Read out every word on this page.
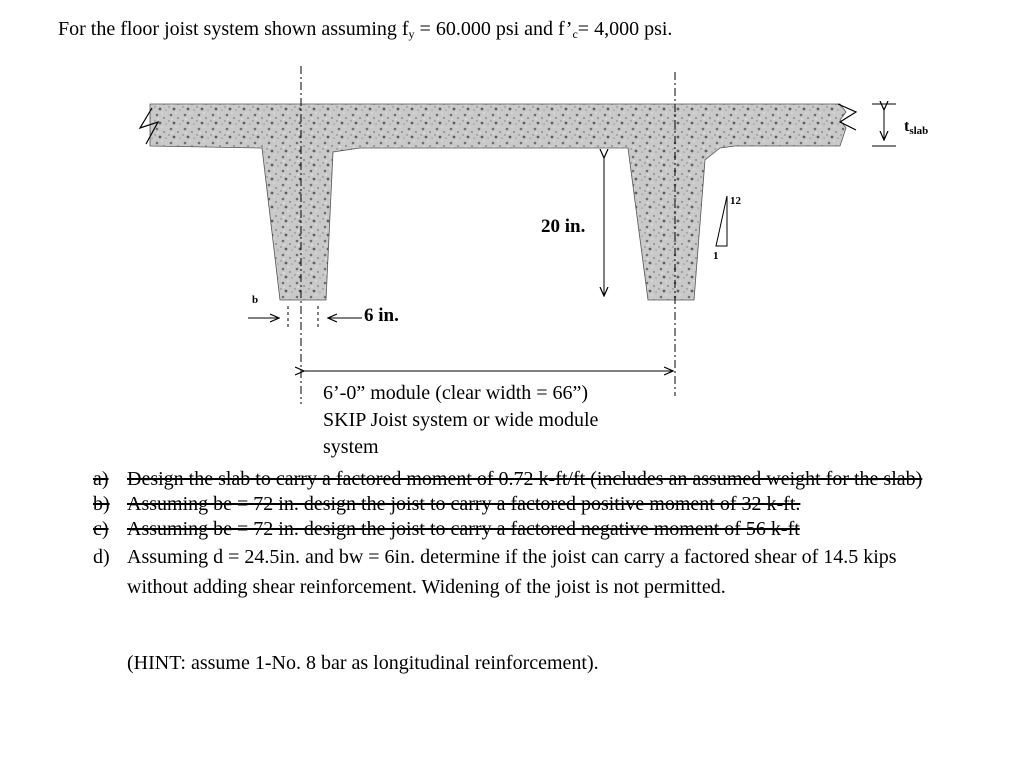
For the floor joist system shown assuming $f_y = 60.000$ psi and $f’_c= 4,000$ psi.
$t_{slab}$
b
6 in.
20 in.
12
1
6’-0” module (clear width = 66”)
SKIP Joist system or wide module
system
a) Design the slab to carry a factored moment of 0.72 k-ft/ft (includes an assumed weight for the slab)
b) Assuming be = 72 in. design the joist to carry a factored positive moment of 32 k-ft.
c) Assuming be = 72 in. design the joist to carry a factored negative moment of 56 k-ft
d) Assuming d = 24.5in. and bw = 6in. determine if the joist can carry a factored shear of 14.5 kips without adding shear reinforcement. Widening of the joist is not permitted.
(HINT: assume 1-No. 8 bar as longitudinal reinforcement).
